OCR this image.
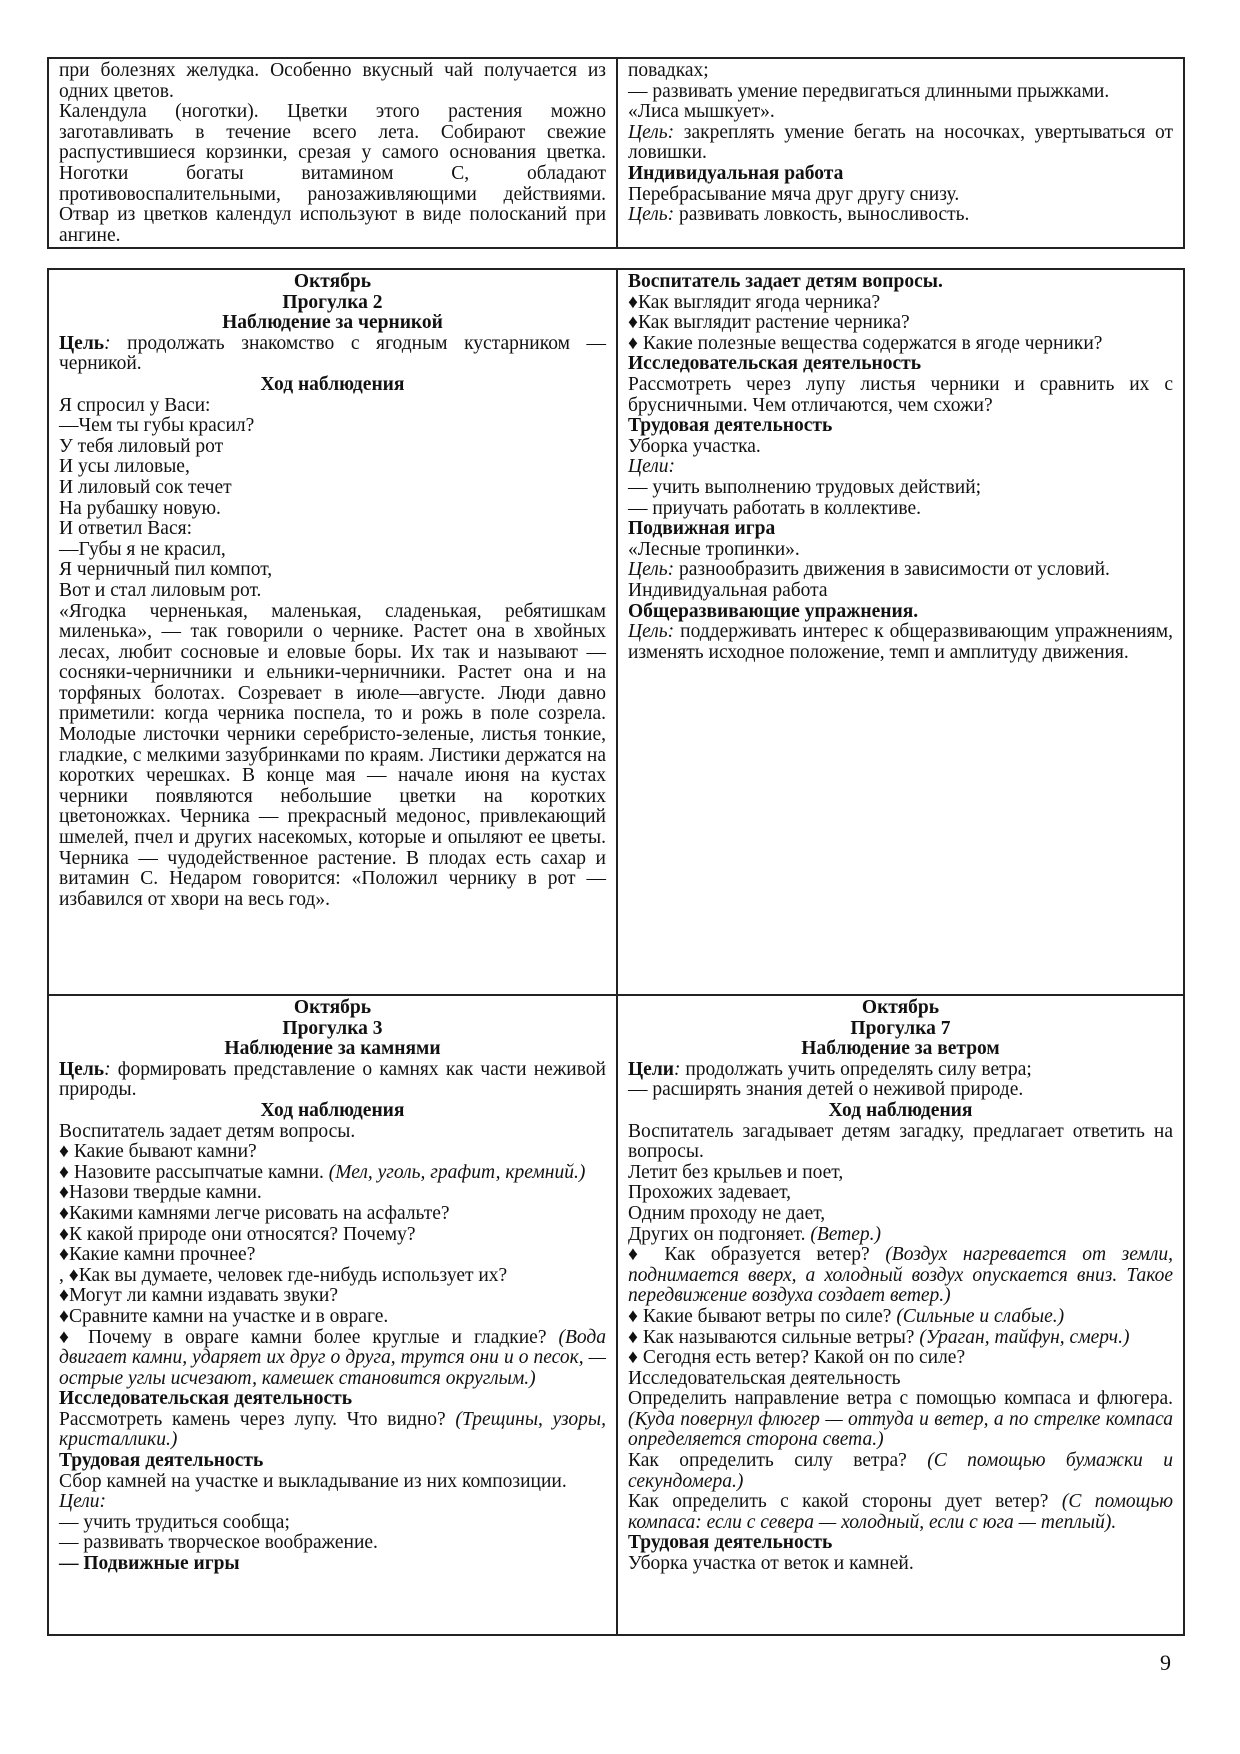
при болезнях желудка. Особенно вкусный чай получается из одних цветов.

Календула (ноготки). Цветки этого растения можно заготавливать в течение всего лета. Собирают свежие распустившиеся корзинки, срезая у самого основания цветка. Ноготки богаты витамином С, обладают противовоспалительными, ранозаживляющими действиями. Отвар из цветков календул используют в виде полосканий при ангине.

повадках;

— развивать умение передвигаться длинными прыжками.

«Лиса мышкует».

Цель: закреплять умение бегать на носочках, увертываться от ловишки.

Индивидуальная работа

Перебрасывание мяча друг другу снизу.

Цель: развивать ловкость, выносливость.

Октябрь

Прогулка 2

Наблюдение за черникой

Цель: продолжать знакомство с ягодным кустарником — черникой.

Ход наблюдения

Я спросил у Васи:

—Чем ты губы красил?

У тебя лиловый рот

И усы лиловые,

И лиловый сок течет

На рубашку новую.

И ответил Вася:

—Губы я не красил,

Я черничный пил компот,

Вот и стал лиловым рот.

«Ягодка черненькая, маленькая, сладенькая, ребятишкам миленька», — так говорили о чернике. Растет она в хвойных лесах, любит сосновые и еловые боры. Их так и называют — сосняки-черничники и ельники-черничники. Растет она и на торфяных болотах. Созревает в июле—августе. Люди давно приметили: когда черника поспела, то и рожь в поле созрела. Молодые листочки черники серебристо-зеленые, листья тонкие, гладкие, с мелкими зазубринками по краям. Листики держатся на коротких черешках. В конце мая — начале июня на кустах черники появляются небольшие цветки на коротких цветоножках. Черника — прекрасный медонос, привлекающий шмелей, пчел и других насекомых, которые и опыляют ее цветы. Черника — чудодейственное растение. В плодах есть сахар и витамин С. Недаром говорится: «Положил чернику в рот — избавился от хвори на весь год».

Воспитатель задает детям вопросы.

♦Как выглядит ягода черника?

♦Как выглядит растение черника?

♦ Какие полезные вещества содержатся в ягоде черники?

Исследовательская деятельность

Рассмотреть через лупу листья черники и сравнить их с брусничными. Чем отличаются, чем схожи?

Трудовая деятельность

Уборка участка.

Цели:

— учить выполнению трудовых действий;

— приучать работать в коллективе.

Подвижная игра

«Лесные тропинки».

Цель: разнообразить движения в зависимости от условий.

Индивидуальная работа

Общеразвивающие упражнения.

Цель: поддерживать интерес к общеразвивающим упражнениям, изменять исходное положение, темп и амплитуду движения.

Октябрь

Прогулка 3

Наблюдение за камнями

Цель: формировать представление о камнях как части неживой природы.

Ход наблюдения

Воспитатель задает детям вопросы.

♦ Какие бывают камни?

♦ Назовите рассыпчатые камни. (Мел, уголь, графит, кремний.)

♦Назови твердые камни.

♦Какими камнями легче рисовать на асфальте?

♦К какой природе они относятся? Почему?

♦Какие камни прочнее?

, ♦Как вы думаете, человек где-нибудь использует их?

♦Могут ли камни издавать звуки?

♦Сравните камни на участке и в овраге.

♦ Почему в овраге камни более круглые и гладкие? (Вода двигает камни, ударяет их друг о друга, трутся они и о песок, — острые углы исчезают, камешек становится округлым.)

Исследовательская деятельность

Рассмотреть камень через лупу. Что видно? (Трещины, узоры, кристаллики.)

Трудовая деятельность

Сбор камней на участке и выкладывание из них композиции.

Цели:

— учить трудиться сообща;

— развивать творческое воображение.

— Подвижные игры

Октябрь

Прогулка 7

Наблюдение за ветром

Цели: продолжать учить определять силу ветра;

— расширять знания детей о неживой природе.

Ход наблюдения

Воспитатель загадывает детям загадку, предлагает ответить на вопросы.

Летит без крыльев и поет,

Прохожих задевает,

Одним проходу не дает,

Других он подгоняет. (Ветер.)

♦ Как образуется ветер? (Воздух нагревается от земли, поднимается вверх, а холодный воздух опускается вниз. Такое передвижение воздуха создает ветер.)

♦ Какие бывают ветры по силе? (Сильные и слабые.)

♦ Как называются сильные ветры? (Ураган, тайфун, смерч.)

♦ Сегодня есть ветер? Какой он по силе?

Исследовательская деятельность

Определить направление ветра с помощью компаса и флюгера. (Куда повернул флюгер — оттуда и ветер, а по стрелке компаса определяется сторона света.)

Как определить силу ветра? (С помощью бумажки и секундомера.)

Как определить с какой стороны дует ветер? (С помощью компаса: если с севера — холодный, если с юга — теплый).

Трудовая деятельность

Уборка участка от веток и камней.

9
